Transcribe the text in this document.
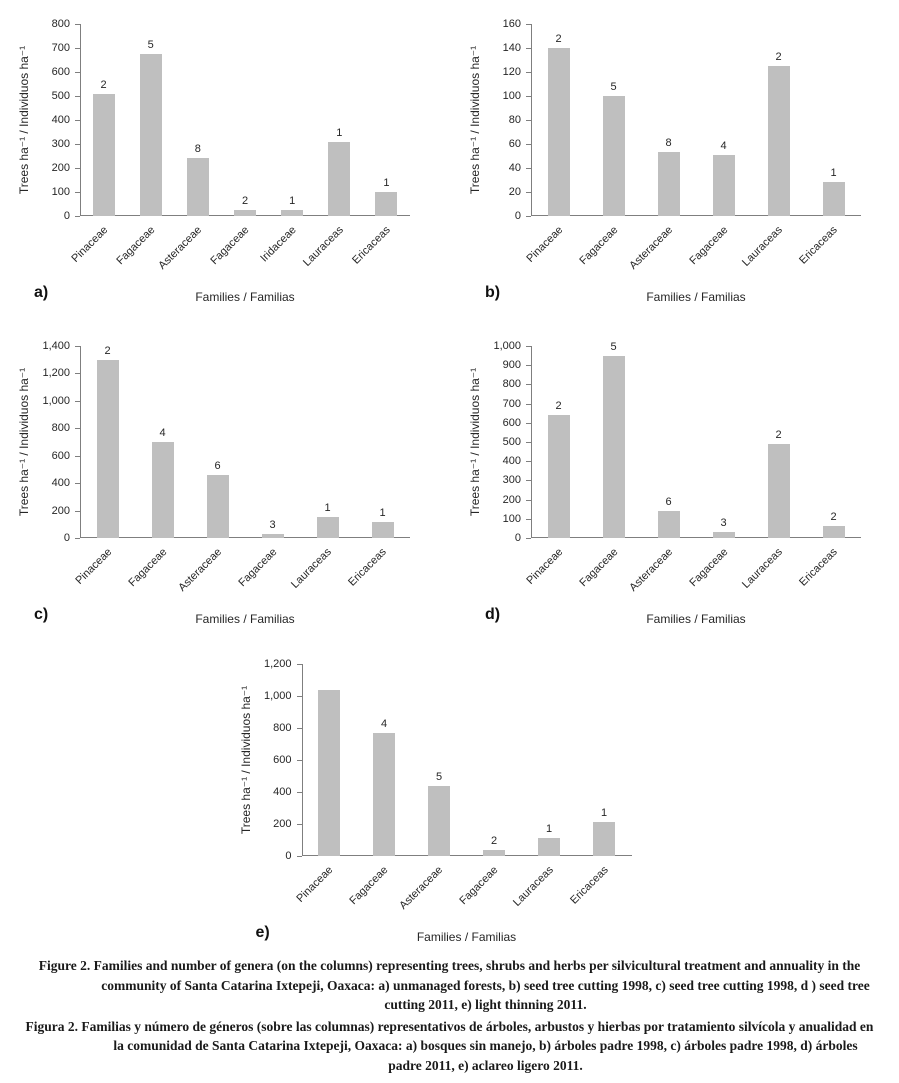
Trees ha⁻¹ / Individuos ha⁻¹
0
100
200
300
400
500
600
700
800
2
Pinaceae
5
Fagaceae
8
Asteraceae
2
Fagaceae
1
Iridaceae
1
Lauraceas
1
Ericaceas
Families / Familias
a)
Trees ha⁻¹ / Individuos ha⁻¹
0
20
40
60
80
100
120
140
160
2
Pinaceae
5
Fagaceae
8
Asteraceae
4
Fagaceae
2
Lauraceas
1
Ericaceas
Families / Familias
b)
Trees ha⁻¹ / Individuos ha⁻¹
0
200
400
600
800
1,000
1,200
1,400	2
Pinaceae
4
Fagaceae
6
Asteraceae
3
Fagaceae
1
Lauraceas
1
Ericaceas
Families / Familias
c)
Trees ha⁻¹ / Individuos ha⁻¹
0
100
200
300
400
500
600
700
800
900
1,000
2
Pinaceae
5
Fagaceae
6
Asteraceae
3
Fagaceae
2
Lauraceas
2
Ericaceas
Families / Familias
d)
Trees ha⁻¹ / Individuos ha⁻¹
0
200
400
600
800
1,000
1,200
Pinaceae
4
Fagaceae
5
Asteraceae
2
Fagaceae
1
Lauraceas
1
Ericaceas
Families / Familias
e)

Figure 2. Families and number of genera (on the columns) representing trees, shrubs and herbs per silvicultural treatment and annuality in the community of Santa Catarina Ixtepeji, Oaxaca: a) unmanaged forests, b) seed tree cutting 1998, c) seed tree cutting 1998, d ) seed tree cutting 2011, e) light thinning 2011.

Figura 2. Familias y número de géneros (sobre las columnas) representativos de árboles, arbustos y hierbas por tratamiento silvícola y anualidad en la comunidad de Santa Catarina Ixtepeji, Oaxaca: a) bosques sin manejo, b) árboles padre 1998, c) árboles padre 1998, d) árboles padre 2011, e) aclareo ligero 2011.
